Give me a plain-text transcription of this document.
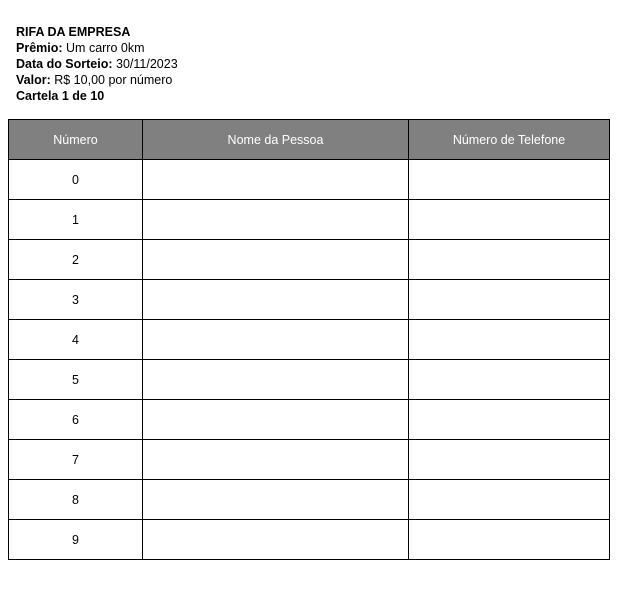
RIFA DA EMPRESA
Prêmio: Um carro 0km
Data do Sorteio: 30/11/2023
Valor: R$ 10,00 por número
Cartela 1 de 10
Número	Nome da Pessoa	Número de Telefone
0		
1		
2		
3		
4		
5		
6		
7		
8		
9		
